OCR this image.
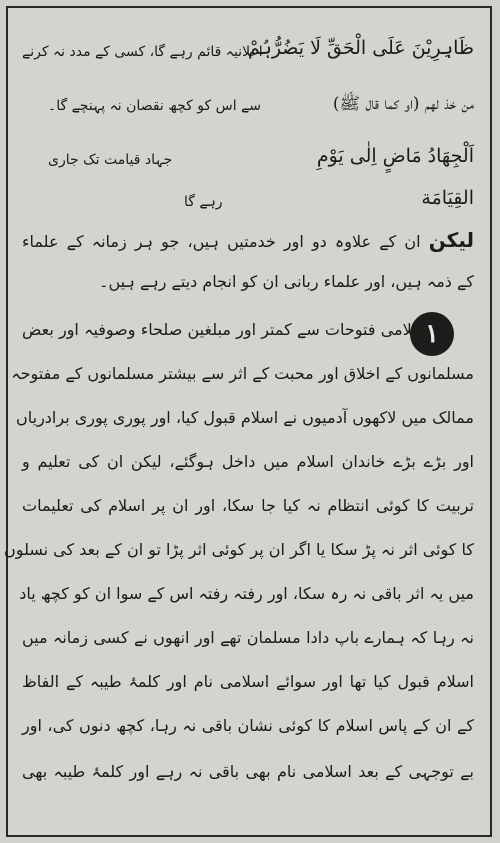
ظَاہِرِیْنَ عَلَی الْحَقِّ لَا یَضُرُّہُمْ
اعلانیہ قائم رہے گا، کسی کے مدد نہ کرنے
من خذ لھم (او کما قال ﷺ)
سے اس کو کچھ نقصان نہ پہنچے گا۔
اَلْجِھَادُ مَاضٍ اِلٰی یَوْمِ
جہاد قیامت تک جاری
القِیَامَة
رہے گا
لیکن ان کے علاوہ دو اور خدمتیں ہیں، جو ہر زمانہ کے علماء
کے ذمہ ہیں، اور علماء ربانی ان کو انجام دیتے رہے ہیں۔
۱
اسلامی فتوحات سے کمتر اور مبلغین صلحاء وصوفیہ اور بعض
مسلمانوں کے اخلاق اور محبت کے اثر سے بیشتر مسلمانوں کے مفتوحہ
ممالک میں لاکھوں آدمیوں نے اسلام قبول کیا، اور پوری پوری برادریاں
اور بڑے بڑے خاندان اسلام میں داخل ہوگئے، لیکن ان کی تعلیم و
تربیت کا کوئی انتظام نہ کیا جا سکا، اور ان پر اسلام کی تعلیمات
کا کوئی اثر نہ پڑ سکا یا اگر ان پر کوئی اثر پڑا تو ان کے بعد کی نسلوں
میں یہ اثر باقی نہ رہ سکا، اور رفتہ رفتہ اس کے سوا ان کو کچھ یاد
نہ رہا کہ ہمارے باپ دادا مسلمان تھے اور انھوں نے کسی زمانہ میں
اسلام قبول کیا تھا اور سوائے اسلامی نام اور کلمۂ طیبہ کے الفاظ
کے ان کے پاس اسلام کا کوئی نشان باقی نہ رہا، کچھ دنوں کی، اور
بے توجہی کے بعد اسلامی نام بھی باقی نہ رہے اور کلمۂ طیبہ بھی
